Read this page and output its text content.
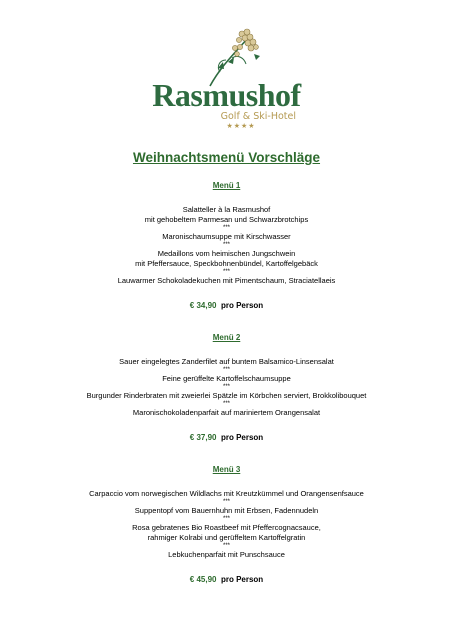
Rasmushof
Golf & Ski-Hotel
★★★★
Weihnachtsmenü Vorschläge
Menü 1
Salatteller à la Rasmushof
mit gehobeltem Parmesan und Schwarzbrotchips
***
Maronischaumsuppe mit Kirschwasser
***
Medaillons vom heimischen Jungschwein
mit Pfeffersauce, Speckbohnenbündel, Kartoffelgebäck
***
Lauwarmer Schokoladekuchen mit Pimentschaum, Straciatellaeis
€ 34,90 pro Person
Menü 2
Sauer eingelegtes Zanderfilet auf buntem Balsamico-Linsensalat
***
Feine gerüffelte Kartoffelschaumsuppe
***
Burgunder Rinderbraten mit zweierlei Spätzle im Körbchen serviert, Brokkolibouquet
***
Maronischokoladenparfait auf mariniertem Orangensalat
€ 37,90 pro Person
Menü 3
Carpaccio vom norwegischen Wildlachs mit Kreutzkümmel und Orangensenfsauce
***
Suppentopf vom Bauernhuhn mit Erbsen, Fadennudeln
***
Rosa gebratenes Bio Roastbeef mit Pfeffercognacsauce,
rahmiger Kolrabi und gerüffeltem Kartoffelgratin
***
Lebkuchenparfait mit Punschsauce
€ 45,90 pro Person
